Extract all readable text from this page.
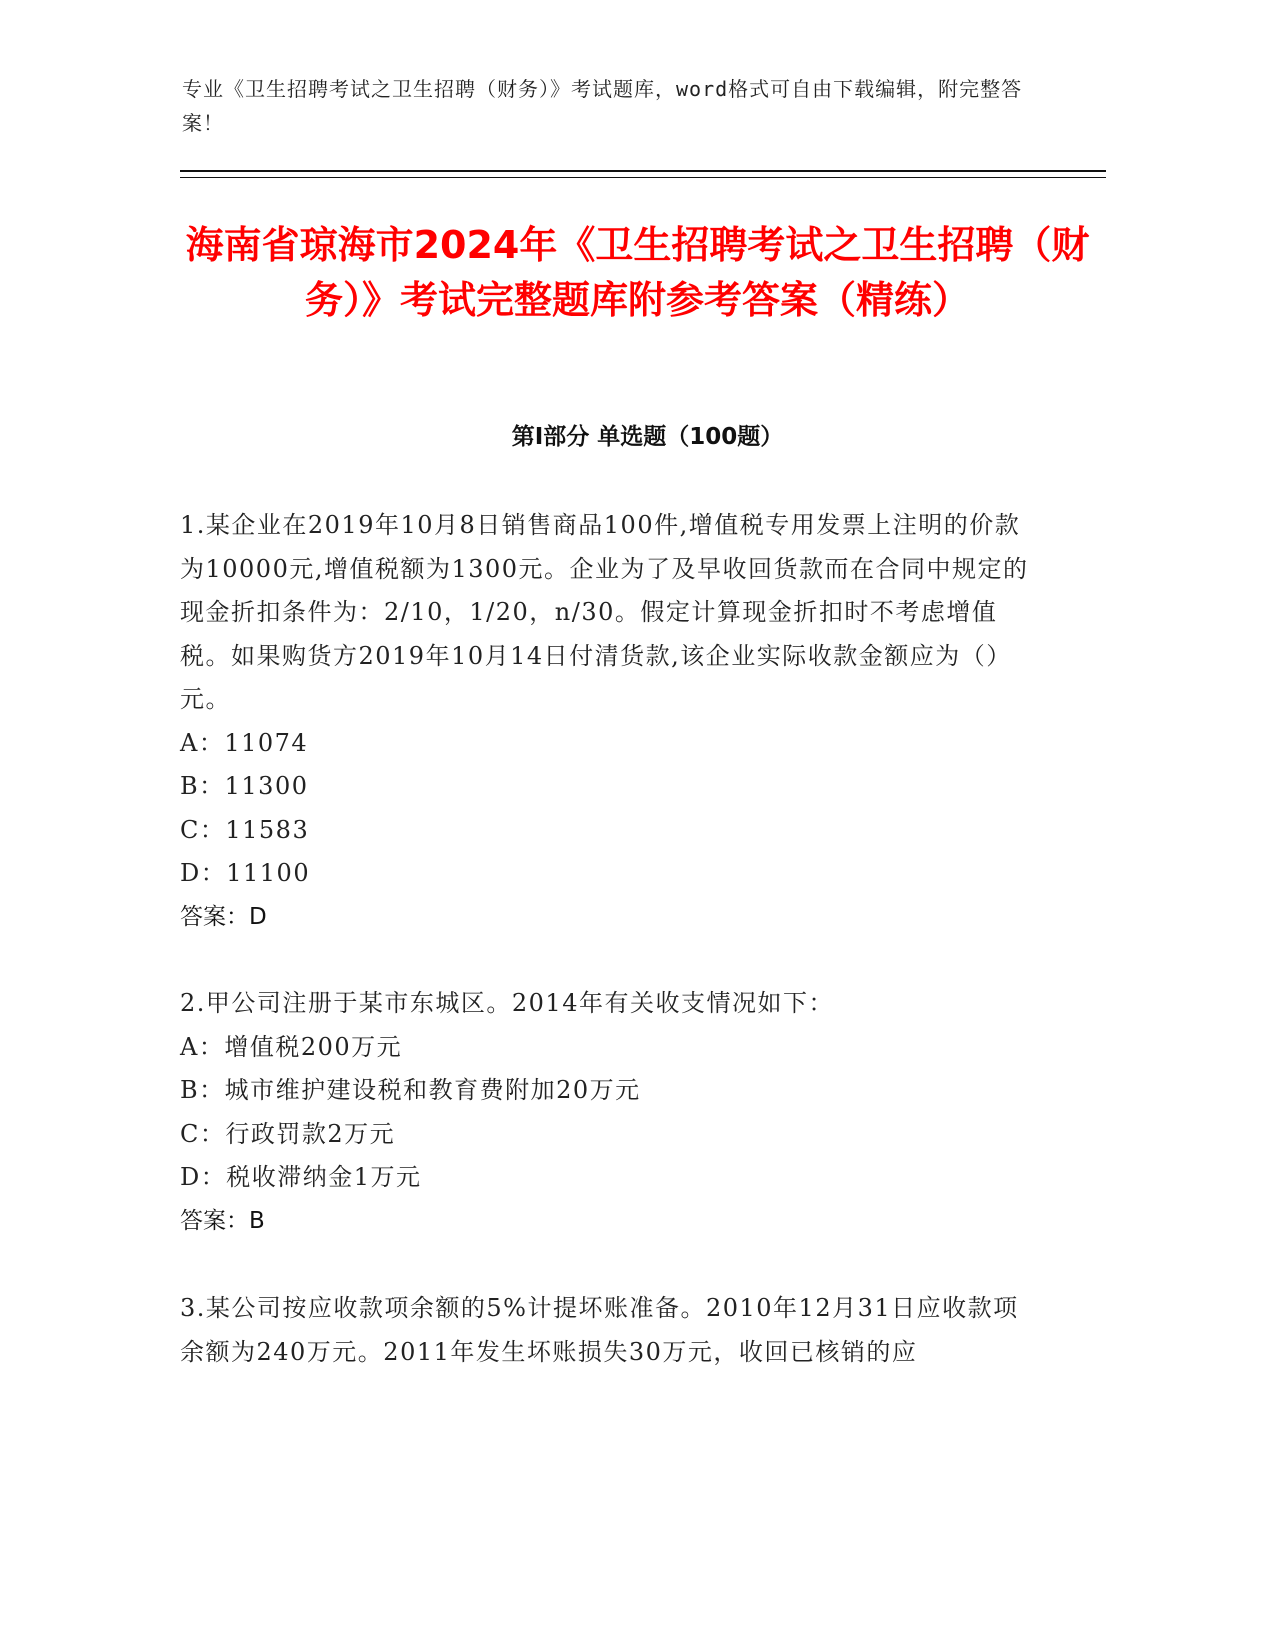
专业《卫生招聘考试之卫生招聘（财务）》考试题库，word格式可自由下载编辑，附完整答案！
海南省琼海市2024年《卫生招聘考试之卫生招聘（财务）》考试完整题库附参考答案（精练）
第Ⅰ部分 单选题（100题）

1.某企业在2019年10月8日销售商品100件,增值税专用发票上注明的价款为10000元,增值税额为1300元。企业为了及早收回货款而在合同中规定的现金折扣条件为：2/10，1/20，n/30。假定计算现金折扣时不考虑增值税。如果购货方2019年10月14日付清货款,该企业实际收款金额应为（）元。

A：11074

B：11300

C：11583

D：11100

答案：D

2.甲公司注册于某市东城区。2014年有关收支情况如下：

A：增值税200万元

B：城市维护建设税和教育费附加20万元

C：行政罚款2万元

D：税收滞纳金1万元

答案：B

3.某公司按应收款项余额的5%计提坏账准备。2010年12月31日应收款项余额为240万元。2011年发生坏账损失30万元，收回已核销的应
